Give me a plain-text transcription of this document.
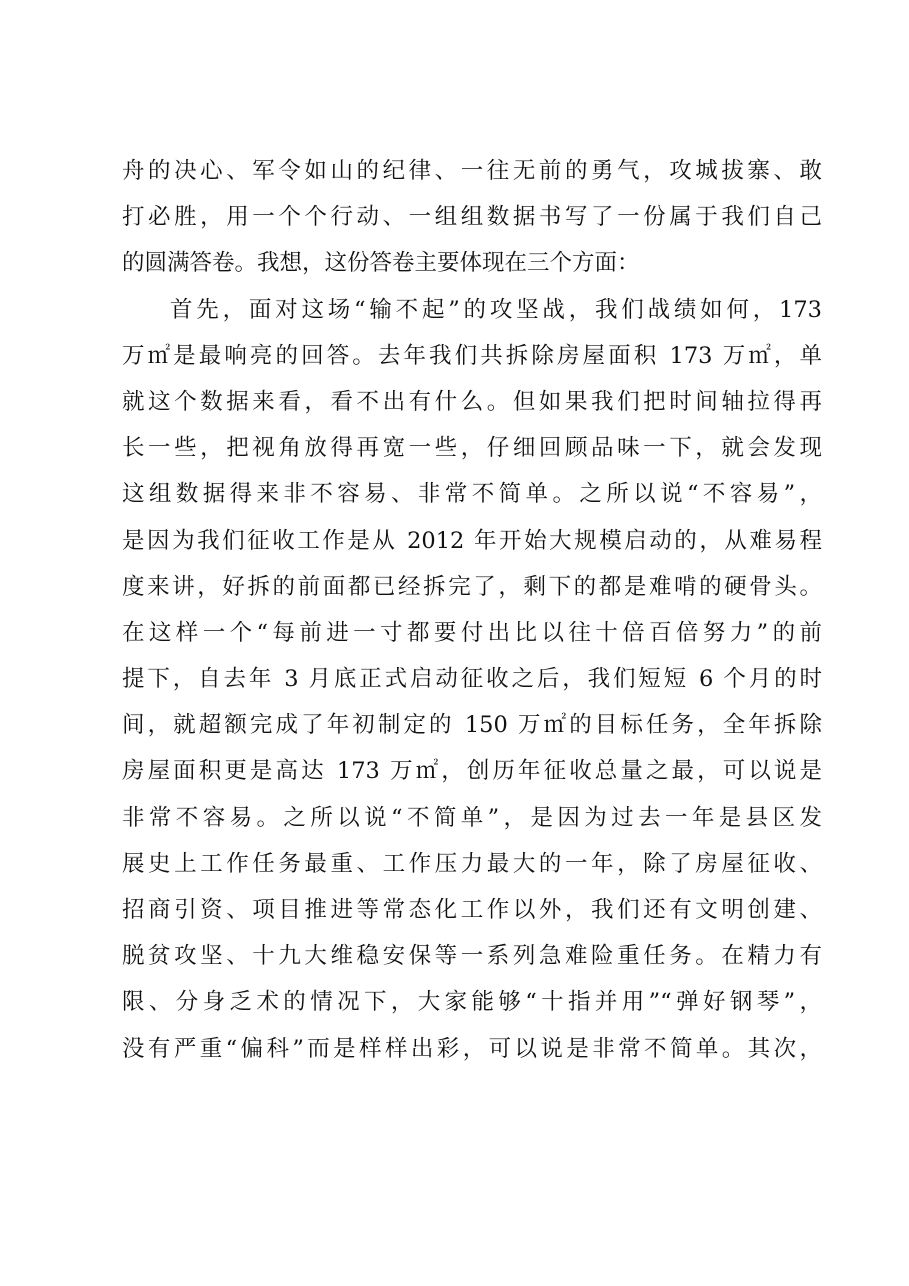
舟的决心、军令如山的纪律、一往无前的勇气，攻城拔寨、敢
打必胜，用一个个行动、一组组数据书写了一份属于我们自己
的圆满答卷。我想，这份答卷主要体现在三个方面：
首先，面对这场“输不起”的攻坚战，我们战绩如何，173
万㎡是最响亮的回答。去年我们共拆除房屋面积 173 万㎡，单
就这个数据来看，看不出有什么。但如果我们把时间轴拉得再
长一些，把视角放得再宽一些，仔细回顾品味一下，就会发现
这组数据得来非不容易、非常不简单。之所以说“不容易”，
是因为我们征收工作是从 2012 年开始大规模启动的，从难易程
度来讲，好拆的前面都已经拆完了，剩下的都是难啃的硬骨头。
在这样一个“每前进一寸都要付出比以往十倍百倍努力”的前
提下，自去年 3 月底正式启动征收之后，我们短短 6 个月的时
间，就超额完成了年初制定的 150 万㎡的目标任务，全年拆除
房屋面积更是高达 173 万㎡，创历年征收总量之最，可以说是
非常不容易。之所以说“不简单”，是因为过去一年是县区发
展史上工作任务最重、工作压力最大的一年，除了房屋征收、
招商引资、项目推进等常态化工作以外，我们还有文明创建、
脱贫攻坚、十九大维稳安保等一系列急难险重任务。在精力有
限、分身乏术的情况下，大家能够“十指并用”“弹好钢琴”，
没有严重“偏科”而是样样出彩，可以说是非常不简单。其次，
